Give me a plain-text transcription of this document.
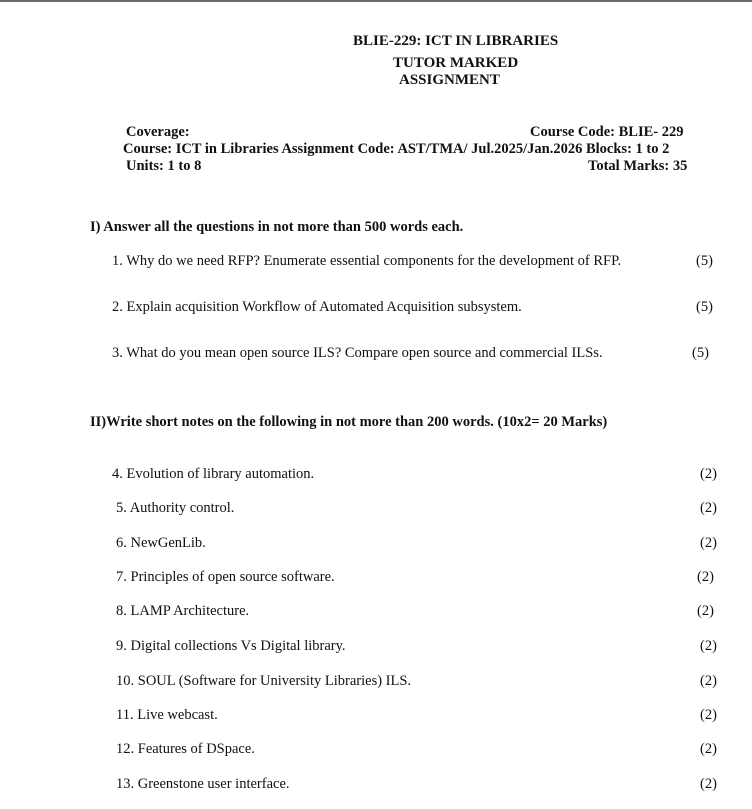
BLIE-229: ICT IN LIBRARIES
TUTOR MARKED
ASSIGNMENT
Coverage:	Course Code: BLIE- 229
Course: ICT in Libraries Assignment Code: AST/TMA/ Jul.2025/Jan.2026 Blocks: 1 to 2
Units: 1 to 8	Total Marks: 35
I) Answer all the questions in not more than 500 words each.
1. Why do we need RFP? Enumerate essential components for the development of RFP.	(5)
2. Explain acquisition Workflow of Automated Acquisition subsystem.	(5)
3. What do you mean open source ILS? Compare open source and commercial ILSs.	(5)
II)Write short notes on the following in not more than 200 words. (10x2= 20 Marks)
4. Evolution of library automation.	(2)
5. Authority control.	(2)
6. NewGenLib.	(2)
7. Principles of open source software.	(2)
8. LAMP Architecture.	(2)
9. Digital collections Vs Digital library.	(2)
10. SOUL (Software for University Libraries) ILS.	(2)
11. Live webcast.	(2)
12. Features of DSpace.	(2)
13. Greenstone user interface.	(2)
